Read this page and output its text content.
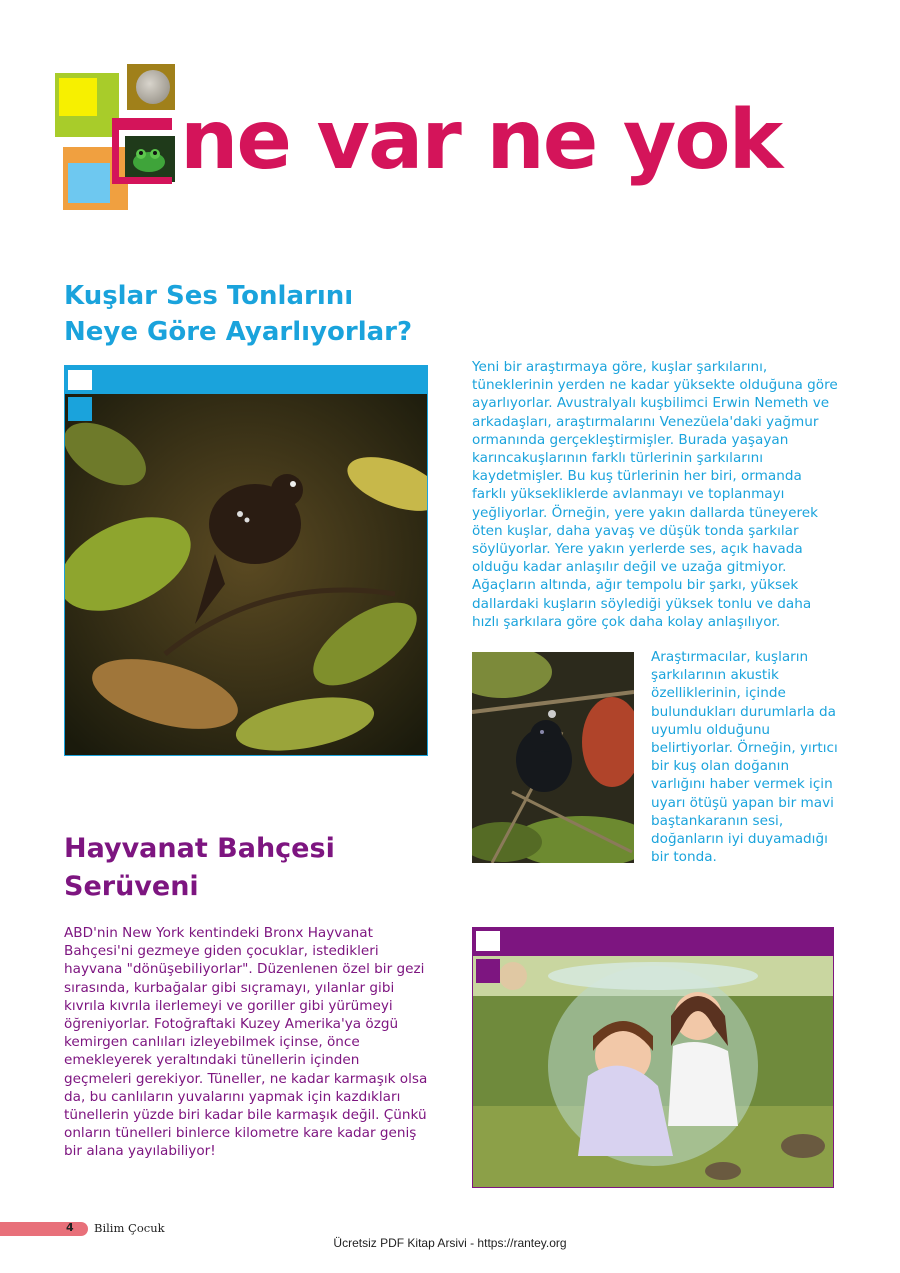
ne var ne yok
Kuşlar Ses Tonlarını
Neye Göre Ayarlıyorlar?
Yeni bir araştırmaya göre, kuşlar şarkılarını, tüneklerinin yerden ne kadar yüksekte olduğuna göre ayarlıyorlar. Avustralyalı kuşbilimci Erwin Nemeth ve arkadaşları, araştırmalarını Venezüela'daki yağmur ormanında gerçekleştirmişler. Burada yaşayan karıncakuşlarının farklı türlerinin şarkılarını kaydetmişler. Bu kuş türlerinin her biri, ormanda farklı yüksekliklerde avlanmayı ve toplanmayı yeğliyorlar. Örneğin, yere yakın dallarda tüneyerek öten kuşlar, daha yavaş ve düşük tonda şarkılar söylüyorlar. Yere yakın yerlerde ses, açık havada olduğu kadar anlaşılır değil ve uzağa gitmiyor. Ağaçların altında, ağır tempolu bir şarkı, yüksek dallardaki kuşların söylediği yüksek tonlu ve daha hızlı şarkılara göre çok daha kolay anlaşılıyor.
Araştırmacılar, kuşların şarkılarının akustik özelliklerinin, içinde bulundukları durumlarla da uyumlu olduğunu belirtiyorlar. Örneğin, yırtıcı bir kuş olan doğanın varlığını haber vermek için uyarı ötüşü yapan bir mavi baştankaranın sesi, doğanların iyi duyamadığı bir tonda.
Hayvanat Bahçesi
Serüveni
ABD'nin New York kentindeki Bronx Hayvanat Bahçesi'ni gezmeye giden çocuklar, istedikleri hayvana "dönüşebiliyorlar". Düzenlenen özel bir gezi sırasında, kurbağalar gibi sıçramayı, yılanlar gibi kıvrıla kıvrıla ilerlemeyi ve goriller gibi yürümeyi öğreniyorlar. Fotoğraftaki Kuzey Amerika'ya özgü kemirgen canlıları izleyebilmek içinse, önce emekleyerek yeraltındaki tünellerin içinden geçmeleri gerekiyor. Tüneller, ne kadar karmaşık olsa da, bu canlıların yuvalarını yapmak için kazdıkları tünellerin yüzde biri kadar bile karmaşık değil. Çünkü onların tünelleri binlerce kilometre kare kadar geniş bir alana yayılabiliyor!
4 Bilim Çocuk
Ücretsiz PDF Kitap Arsivi - https://rantey.org
